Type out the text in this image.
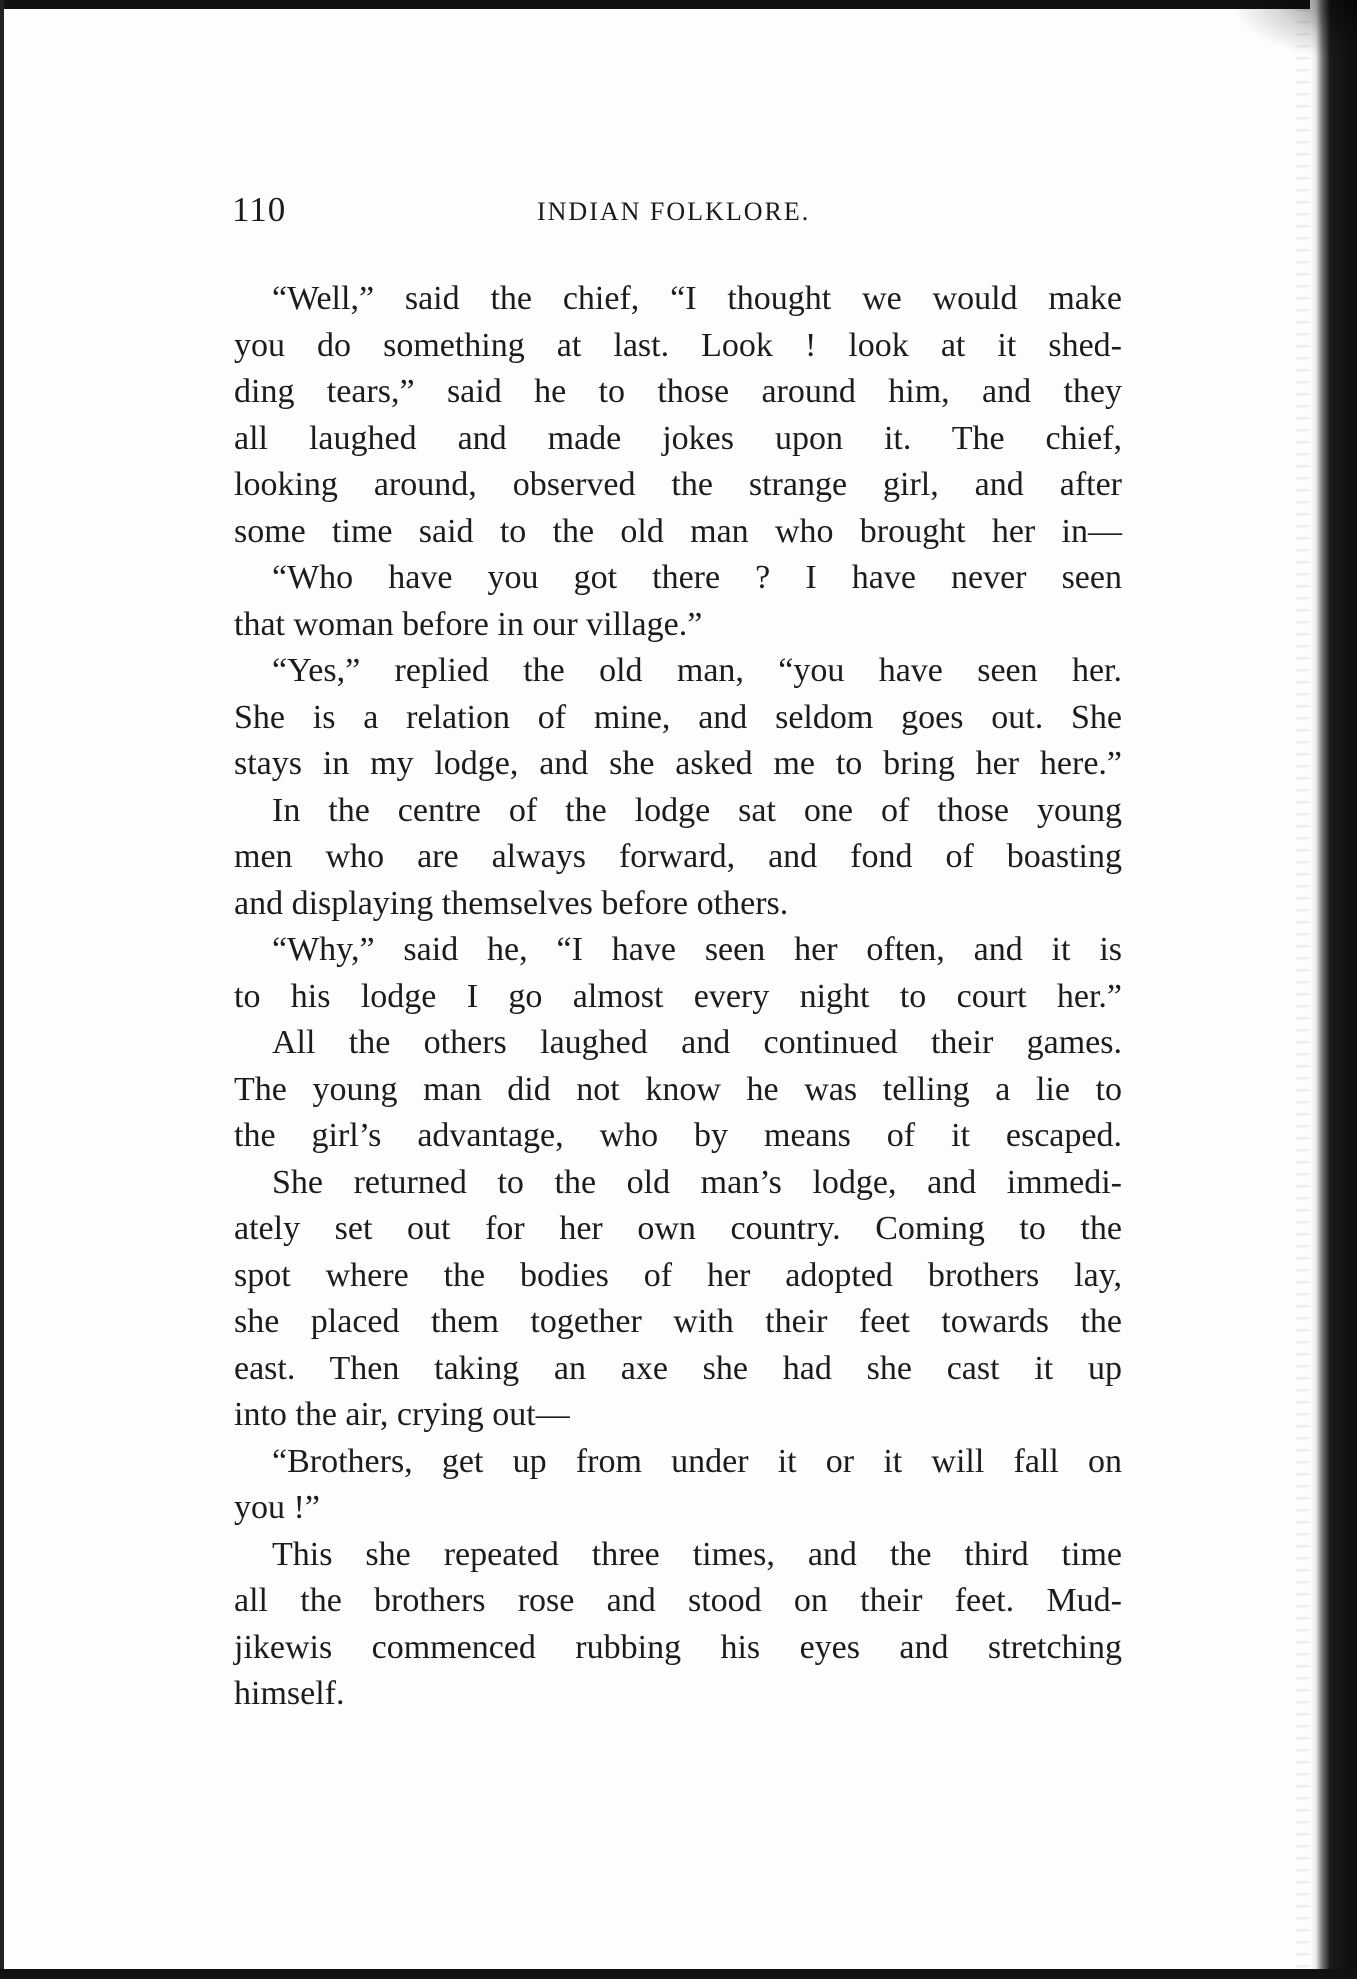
110	INDIAN FOLKLORE.
“Well,” said the chief, “I thought we would make
you do something at last. Look ! look at it shed-
ding tears,” said he to those around him, and they
all laughed and made jokes upon it. The chief,
looking around, observed the strange girl, and after
some time said to the old man who brought her in—
“Who have you got there ? I have never seen
that woman before in our village.”
“Yes,” replied the old man, “you have seen her.
She is a relation of mine, and seldom goes out. She
stays in my lodge, and she asked me to bring her here.”
In the centre of the lodge sat one of those young
men who are always forward, and fond of boasting
and displaying themselves before others.
“Why,” said he, “I have seen her often, and it is
to his lodge I go almost every night to court her.”
All the others laughed and continued their games.
The young man did not know he was telling a lie to
the girl’s advantage, who by means of it escaped.
She returned to the old man’s lodge, and immedi-
ately set out for her own country. Coming to the
spot where the bodies of her adopted brothers lay,
she placed them together with their feet towards the
east. Then taking an axe she had she cast it up
into the air, crying out—
“Brothers, get up from under it or it will fall on
you !”
This she repeated three times, and the third time
all the brothers rose and stood on their feet. Mud-
jikewis commenced rubbing his eyes and stretching
himself.
